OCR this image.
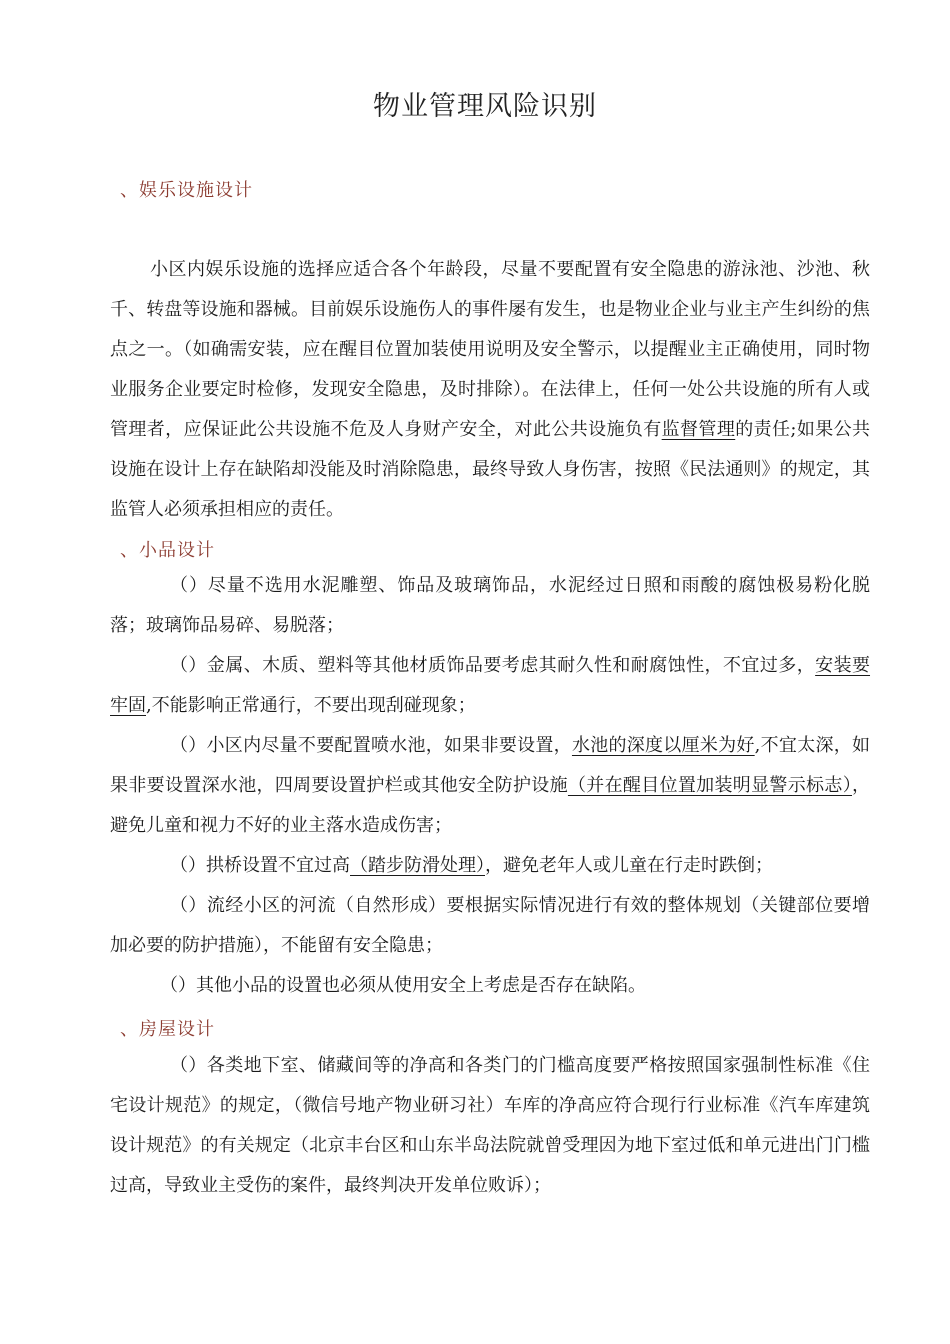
物业管理风险识别
、娱乐设施设计
小区内娱乐设施的选择应适合各个年龄段，尽量不要配置有安全隐患的游泳池、沙池、秋千、转盘等设施和器械。目前娱乐设施伤人的事件屡有发生，也是物业企业与业主产生纠纷的焦点之一。（如确需安装，应在醒目位置加装使用说明及安全警示，以提醒业主正确使用，同时物业服务企业要定时检修，发现安全隐患，及时排除）。在法律上，任何一处公共设施的所有人或管理者，应保证此公共设施不危及人身财产安全，对此公共设施负有监督管理的责任;如果公共设施在设计上存在缺陷却没能及时消除隐患，最终导致人身伤害，按照《民法通则》的规定，其监管人必须承担相应的责任。
、小品设计
（）尽量不选用水泥雕塑、饰品及玻璃饰品，水泥经过日照和雨酸的腐蚀极易粉化脱落；玻璃饰品易碎、易脱落；
（）金属、木质、塑料等其他材质饰品要考虑其耐久性和耐腐蚀性，不宜过多，安装要牢固,不能影响正常通行，不要出现刮碰现象；
（）小区内尽量不要配置喷水池，如果非要设置，水池的深度以厘米为好,不宜太深，如果非要设置深水池，四周要设置护栏或其他安全防护设施（并在醒目位置加装明显警示标志），避免儿童和视力不好的业主落水造成伤害；
（）拱桥设置不宜过高（踏步防滑处理），避免老年人或儿童在行走时跌倒；
（）流经小区的河流（自然形成）要根据实际情况进行有效的整体规划（关键部位要增加必要的防护措施），不能留有安全隐患；
（）其他小品的设置也必须从使用安全上考虑是否存在缺陷。
、房屋设计
（）各类地下室、储藏间等的净高和各类门的门槛高度要严格按照国家强制性标准《住宅设计规范》的规定，（微信号地产物业研习社）车库的净高应符合现行行业标准《汽车库建筑设计规范》的有关规定（北京丰台区和山东半岛法院就曾受理因为地下室过低和单元进出门门槛过高，导致业主受伤的案件，最终判决开发单位败诉）；
